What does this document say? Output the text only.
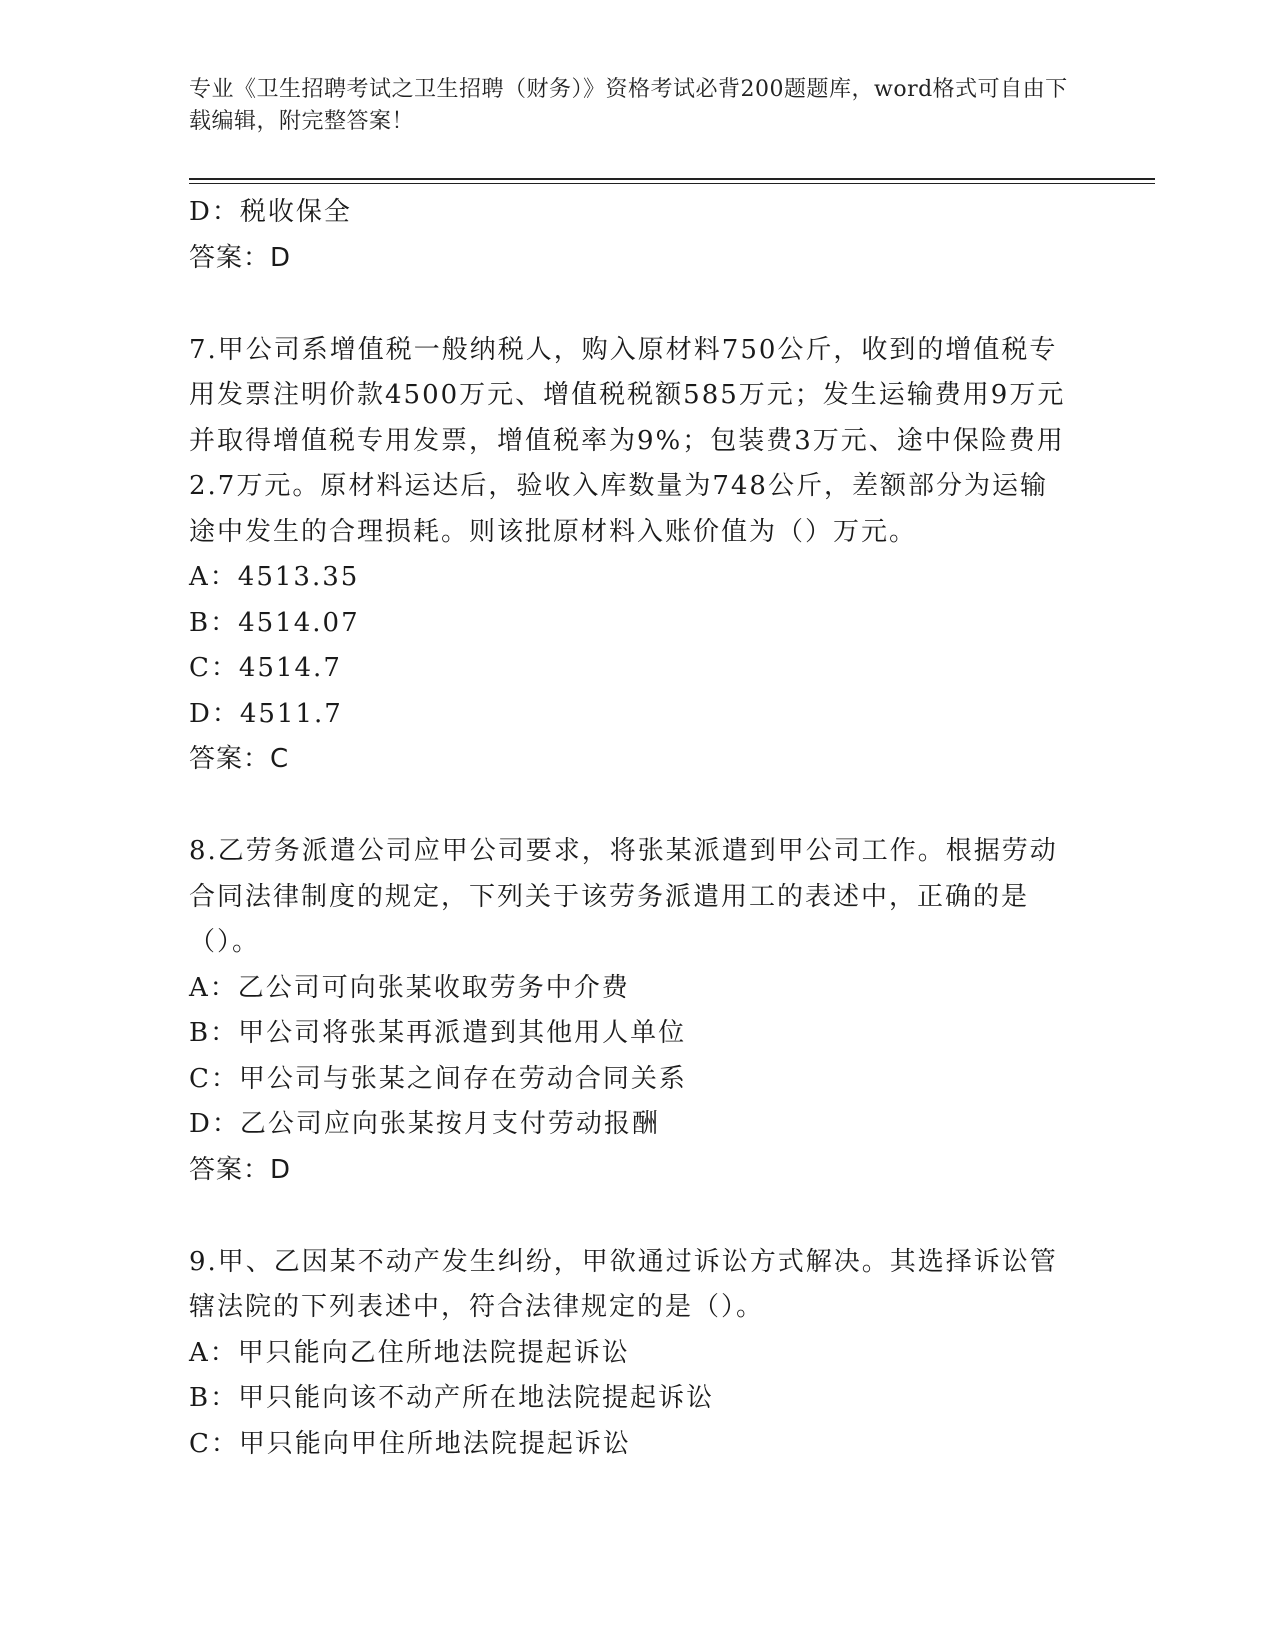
专业《卫生招聘考试之卫生招聘（财务）》资格考试必背200题题库，word格式可自由下载编辑，附完整答案！
D：税收保全
答案：D
7.甲公司系增值税一般纳税人，购入原材料750公斤，收到的增值税专用发票注明价款4500万元、增值税税额585万元；发生运输费用9万元并取得增值税专用发票，增值税率为9%；包装费3万元、途中保险费用2.7万元。原材料运达后，验收入库数量为748公斤，差额部分为运输途中发生的合理损耗。则该批原材料入账价值为（）万元。
A：4513.35
B：4514.07
C：4514.7
D：4511.7
答案：C
8.乙劳务派遣公司应甲公司要求，将张某派遣到甲公司工作。根据劳动合同法律制度的规定，下列关于该劳务派遣用工的表述中，正确的是（）。
A：乙公司可向张某收取劳务中介费
B：甲公司将张某再派遣到其他用人单位
C：甲公司与张某之间存在劳动合同关系
D：乙公司应向张某按月支付劳动报酬
答案：D
9.甲、乙因某不动产发生纠纷，甲欲通过诉讼方式解决。其选择诉讼管辖法院的下列表述中，符合法律规定的是（）。
A：甲只能向乙住所地法院提起诉讼
B：甲只能向该不动产所在地法院提起诉讼
C：甲只能向甲住所地法院提起诉讼
